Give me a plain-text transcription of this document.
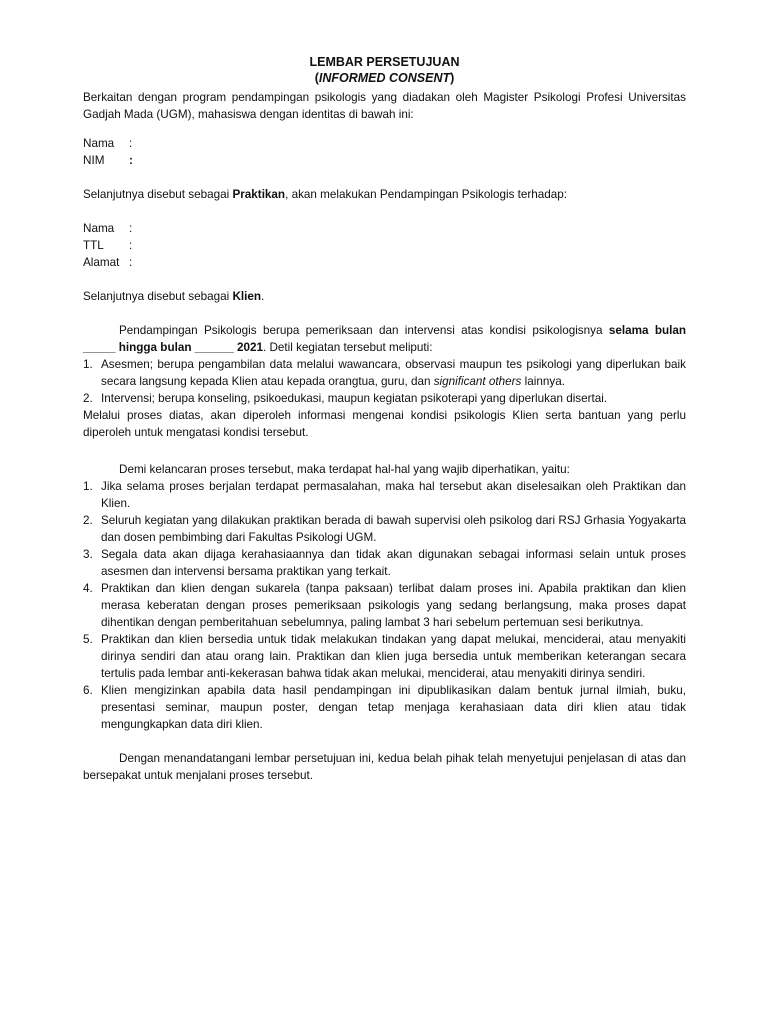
LEMBAR PERSETUJUAN
(INFORMED CONSENT)

Berkaitan dengan program pendampingan psikologis yang diadakan oleh Magister Psikologi Profesi Universitas Gadjah Mada (UGM), mahasiswa dengan identitas di bawah ini:

Nama	:
NIM	:

Selanjutnya disebut sebagai Praktikan, akan melakukan Pendampingan Psikologis terhadap:

Nama	:
TTL	:
Alamat :

Selanjutnya disebut sebagai Klien.

Pendampingan Psikologis berupa pemeriksaan dan intervensi atas kondisi psikologisnya selama bulan _____ hingga bulan ______ 2021. Detil kegiatan tersebut meliputi:

1. Asesmen; berupa pengambilan data melalui wawancara, observasi maupun tes psikologi yang diperlukan baik secara langsung kepada Klien atau kepada orangtua, guru, dan significant others lainnya.
2. Intervensi; berupa konseling, psikoedukasi, maupun kegiatan psikoterapi yang diperlukan disertai.

Melalui proses diatas, akan diperoleh informasi mengenai kondisi psikologis Klien serta bantuan yang perlu diperoleh untuk mengatasi kondisi tersebut.

Demi kelancaran proses tersebut, maka terdapat hal-hal yang wajib diperhatikan, yaitu:

1. Jika selama proses berjalan terdapat permasalahan, maka hal tersebut akan diselesaikan oleh Praktikan dan Klien.
2. Seluruh kegiatan yang dilakukan praktikan berada di bawah supervisi oleh psikolog dari RSJ Grhasia Yogyakarta dan dosen pembimbing dari Fakultas Psikologi UGM.
3. Segala data akan dijaga kerahasiaannya dan tidak akan digunakan sebagai informasi selain untuk proses asesmen dan intervensi bersama praktikan yang terkait.
4. Praktikan dan klien dengan sukarela (tanpa paksaan) terlibat dalam proses ini. Apabila praktikan dan klien merasa keberatan dengan proses pemeriksaan psikologis yang sedang berlangsung, maka proses dapat dihentikan dengan pemberitahuan sebelumnya, paling lambat 3 hari sebelum pertemuan sesi berikutnya.
5. Praktikan dan klien bersedia untuk tidak melakukan tindakan yang dapat melukai, menciderai, atau menyakiti dirinya sendiri dan atau orang lain. Praktikan dan klien juga bersedia untuk memberikan keterangan secara tertulis pada lembar anti-kekerasan bahwa tidak akan melukai, menciderai, atau menyakiti dirinya sendiri.
6. Klien mengizinkan apabila data hasil pendampingan ini dipublikasikan dalam bentuk jurnal ilmiah, buku, presentasi seminar, maupun poster, dengan tetap menjaga kerahasiaan data diri klien atau tidak mengungkapkan data diri klien.

Dengan menandatangani lembar persetujuan ini, kedua belah pihak telah menyetujui penjelasan di atas dan bersepakat untuk menjalani proses tersebut.
